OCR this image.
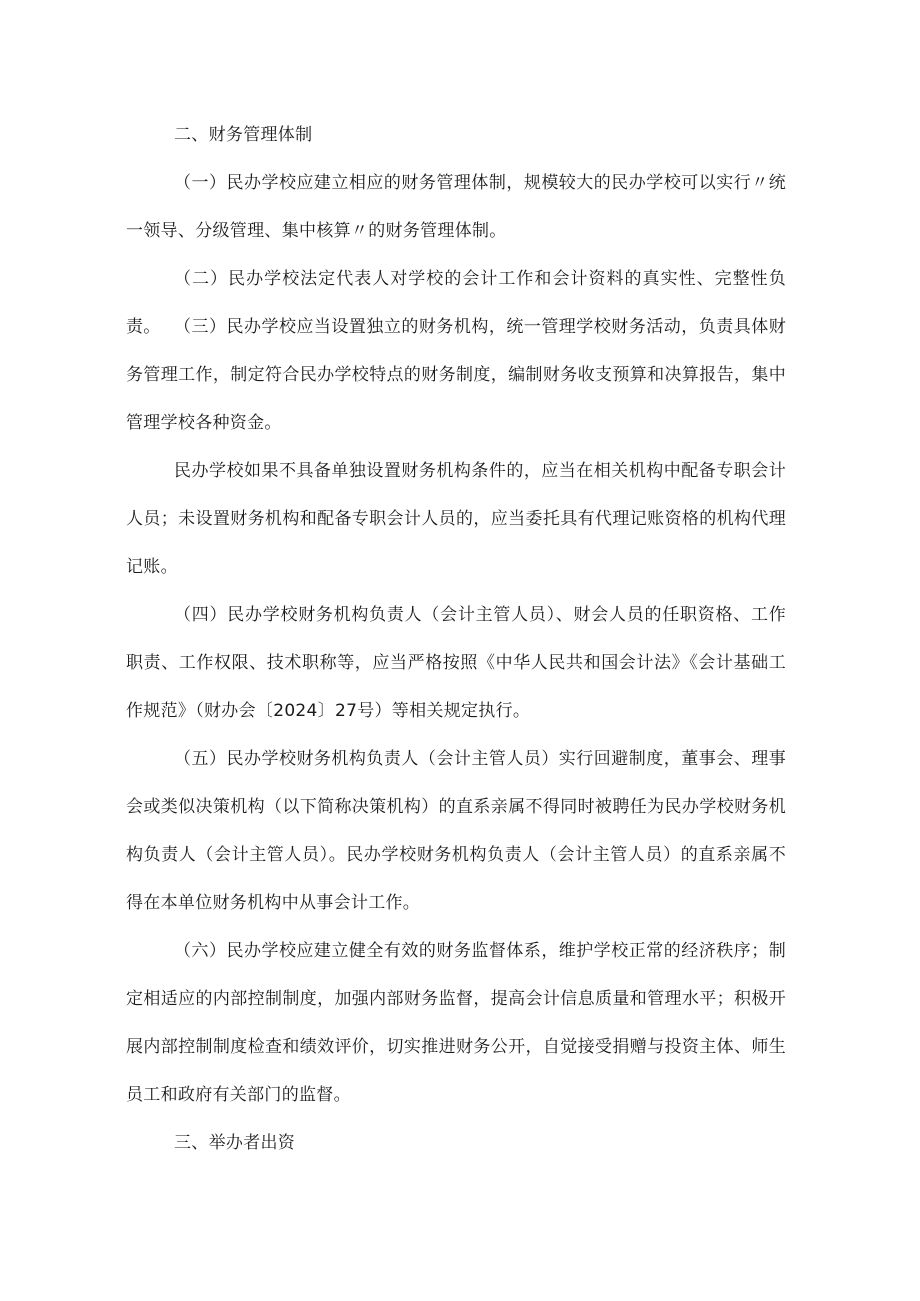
二、财务管理体制

（一）民办学校应建立相应的财务管理体制，规模较大的民办学校可以实行〃统一领导、分级管理、集中核算〃的财务管理体制。

（二）民办学校法定代表人对学校的会计工作和会计资料的真实性、完整性负责。 （三）民办学校应当设置独立的财务机构，统一管理学校财务活动，负责具体财务管理工作，制定符合民办学校特点的财务制度，编制财务收支预算和决算报告，集中管理学校各种资金。

民办学校如果不具备单独设置财务机构条件的，应当在相关机构中配备专职会计人员；未设置财务机构和配备专职会计人员的，应当委托具有代理记账资格的机构代理记账。

（四）民办学校财务机构负责人（会计主管人员）、财会人员的任职资格、工作职责、工作权限、技术职称等，应当严格按照《中华人民共和国会计法》《会计基础工作规范》（财办会〔2024〕27号）等相关规定执行。

（五）民办学校财务机构负责人（会计主管人员）实行回避制度，董事会、理事会或类似决策机构（以下简称决策机构）的直系亲属不得同时被聘任为民办学校财务机构负责人（会计主管人员）。民办学校财务机构负责人（会计主管人员）的直系亲属不得在本单位财务机构中从事会计工作。

（六）民办学校应建立健全有效的财务监督体系，维护学校正常的经济秩序；制定相适应的内部控制制度，加强内部财务监督，提高会计信息质量和管理水平；积极开展内部控制制度检查和绩效评价，切实推进财务公开，自觉接受捐赠与投资主体、师生员工和政府有关部门的监督。

三、举办者出资
